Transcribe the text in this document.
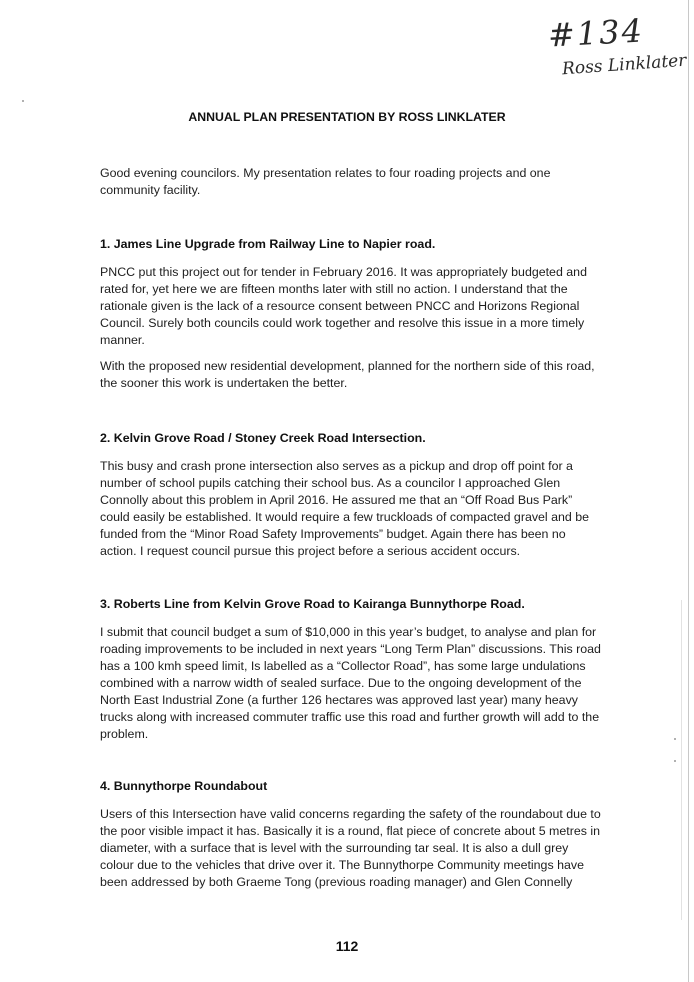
#134
Ross Linklater
ANNUAL PLAN PRESENTATION BY ROSS LINKLATER

Good evening councilors. My presentation relates to four roading projects and one community facility.

1. James Line Upgrade from Railway Line to Napier road.

PNCC put this project out for tender in February 2016. It was appropriately budgeted and rated for, yet here we are fifteen months later with still no action. I understand that the rationale given is the lack of a resource consent between PNCC and Horizons Regional Council. Surely both councils could work together and resolve this issue in a more timely manner.

With the proposed new residential development, planned for the northern side of this road, the sooner this work is undertaken the better.

2. Kelvin Grove Road / Stoney Creek Road Intersection.

This busy and crash prone intersection also serves as a pickup and drop off point for a number of school pupils catching their school bus. As a councilor I approached Glen Connolly about this problem in April 2016. He assured me that an “Off Road Bus Park” could easily be established. It would require a few truckloads of compacted gravel and be funded from the “Minor Road Safety Improvements” budget. Again there has been no action. I request council pursue this project before a serious accident occurs.

3. Roberts Line from Kelvin Grove Road to Kairanga Bunnythorpe Road.

I submit that council budget a sum of $10,000 in this year’s budget, to analyse and plan for roading improvements to be included in next years “Long Term Plan” discussions. This road has a 100 kmh speed limit, Is labelled as a “Collector Road”, has some large undulations combined with a narrow width of sealed surface. Due to the ongoing development of the North East Industrial Zone (a further 126 hectares was approved last year) many heavy trucks along with increased commuter traffic use this road and further growth will add to the problem.

4. Bunnythorpe Roundabout

Users of this Intersection have valid concerns regarding the safety of the roundabout due to the poor visible impact it has. Basically it is a round, flat piece of concrete about 5 metres in diameter, with a surface that is level with the surrounding tar seal. It is also a dull grey colour due to the vehicles that drive over it. The Bunnythorpe Community meetings have been addressed by both Graeme Tong (previous roading manager) and Glen Connelly

112
